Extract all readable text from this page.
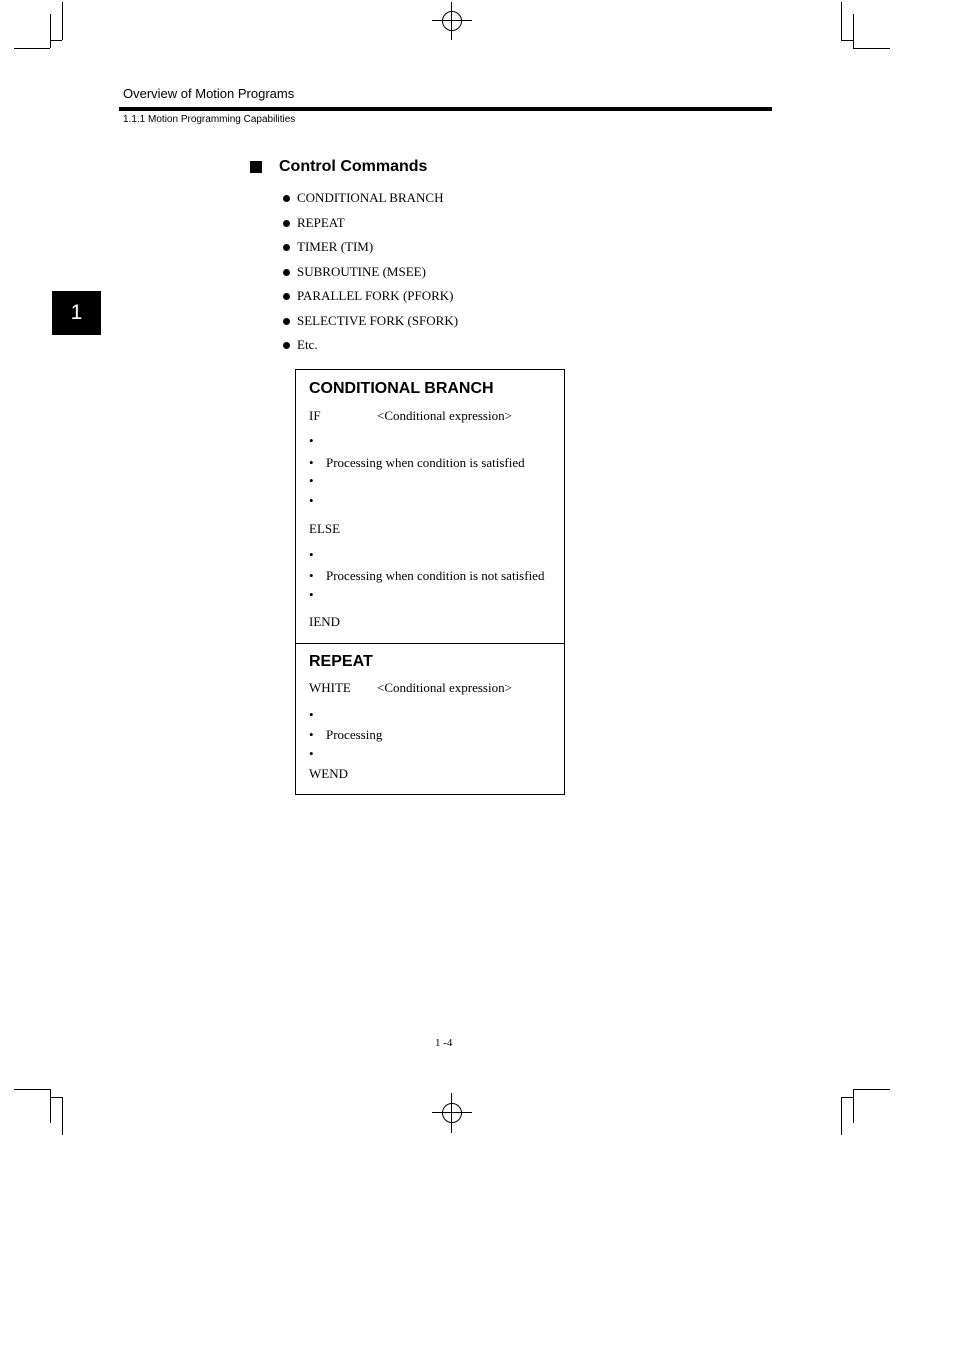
Overview of Motion Programs
1.1.1 Motion Programming Capabilities
1
Control Commands
CONDITIONAL BRANCH
REPEAT
TIMER (TIM)
SUBROUTINE (MSEE)
PARALLEL FORK (PFORK)
SELECTIVE FORK (SFORK)
Etc.
CONDITIONAL BRANCH
IF	<Conditional expression>
•
• Processing when condition is satisfied
•
•
ELSE
•
• Processing when condition is not satisfied
•
IEND
REPEAT
WHITE <Conditional expression>
•
• Processing
•
WEND
1 -4
